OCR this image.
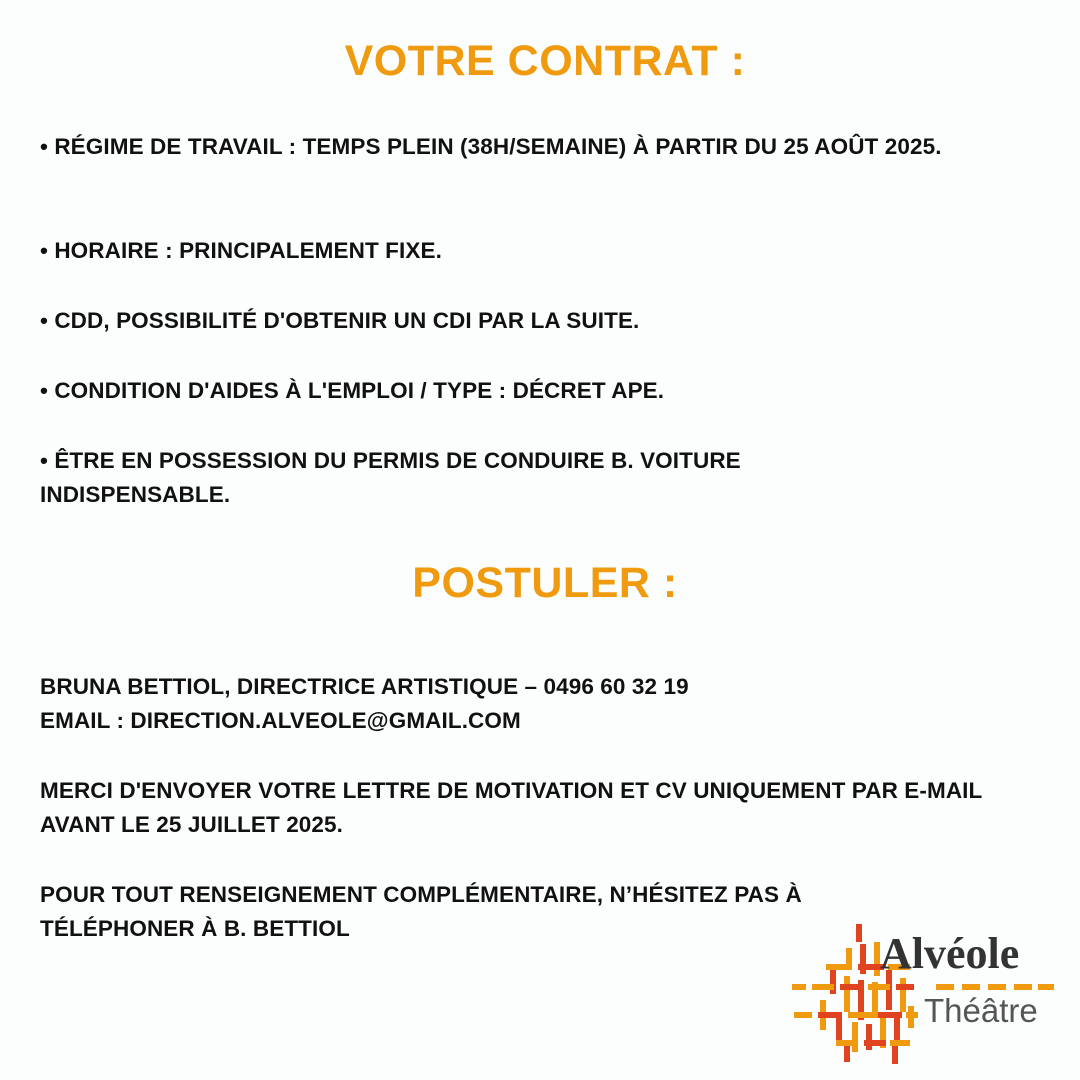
VOTRE CONTRAT :
• RÉGIME DE TRAVAIL : TEMPS PLEIN (38H/SEMAINE) À PARTIR DU 25 AOÛT 2025.
• HORAIRE : PRINCIPALEMENT FIXE.
• CDD, POSSIBILITÉ D'OBTENIR UN CDI PAR LA SUITE.
• CONDITION D'AIDES À L'EMPLOI / TYPE : DÉCRET APE.
• ÊTRE EN POSSESSION DU PERMIS DE CONDUIRE B. VOITURE INDISPENSABLE.
POSTULER :
BRUNA BETTIOL, DIRECTRICE ARTISTIQUE – 0496 60 32 19
EMAIL : DIRECTION.ALVEOLE@GMAIL.COM
MERCI D'ENVOYER VOTRE LETTRE DE MOTIVATION ET CV UNIQUEMENT PAR E-MAIL AVANT LE 25 JUILLET 2025.
POUR TOUT RENSEIGNEMENT COMPLÉMENTAIRE, N’HÉSITEZ PAS À TÉLÉPHONER À B. BETTIOL
Alvéole
Théâtre
